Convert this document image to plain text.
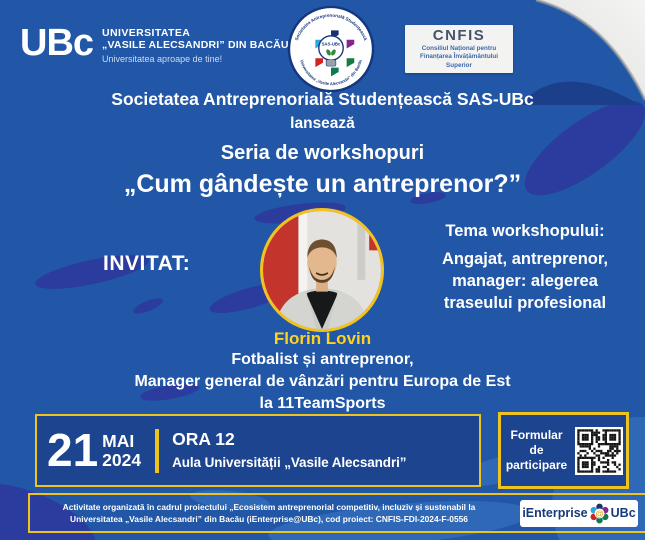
UBc UNIVERSITATEA
„VASILE ALECSANDRI” DIN BACĂU
Universitatea aproape de tine!
Societatea Antreprenorială Studențească
Universitatea „Vasile Alecsandri” din Bacău
SAS-UBc	CNFIS
Consiliul Național pentru Finanțarea Învățământului Superior
Societatea Antreprenorială Studențească SAS-UBc
lansează
Seria de workshopuri
„Cum gândește un antreprenor?”
INVITAT:
Tema workshopului:
Angajat, antreprenor,
manager: alegerea
traseului profesional
Florin Lovin
Fotbalist și antreprenor,
Manager general de vânzări pentru Europa de Est
la 11TeamSports
21 MAI
2024
ORA 12
Aula Universității „Vasile Alecsandri”
Formular de participare
Activitate organizată în cadrul proiectului „Ecosistem antreprenorial competitiv, incluziv și sustenabil la
Universitatea „Vasile Alecsandri” din Bacău (iEnterprise@UBc), cod proiect: CNFIS-FDI-2024-F-0556	iEnterprise @ UBc
